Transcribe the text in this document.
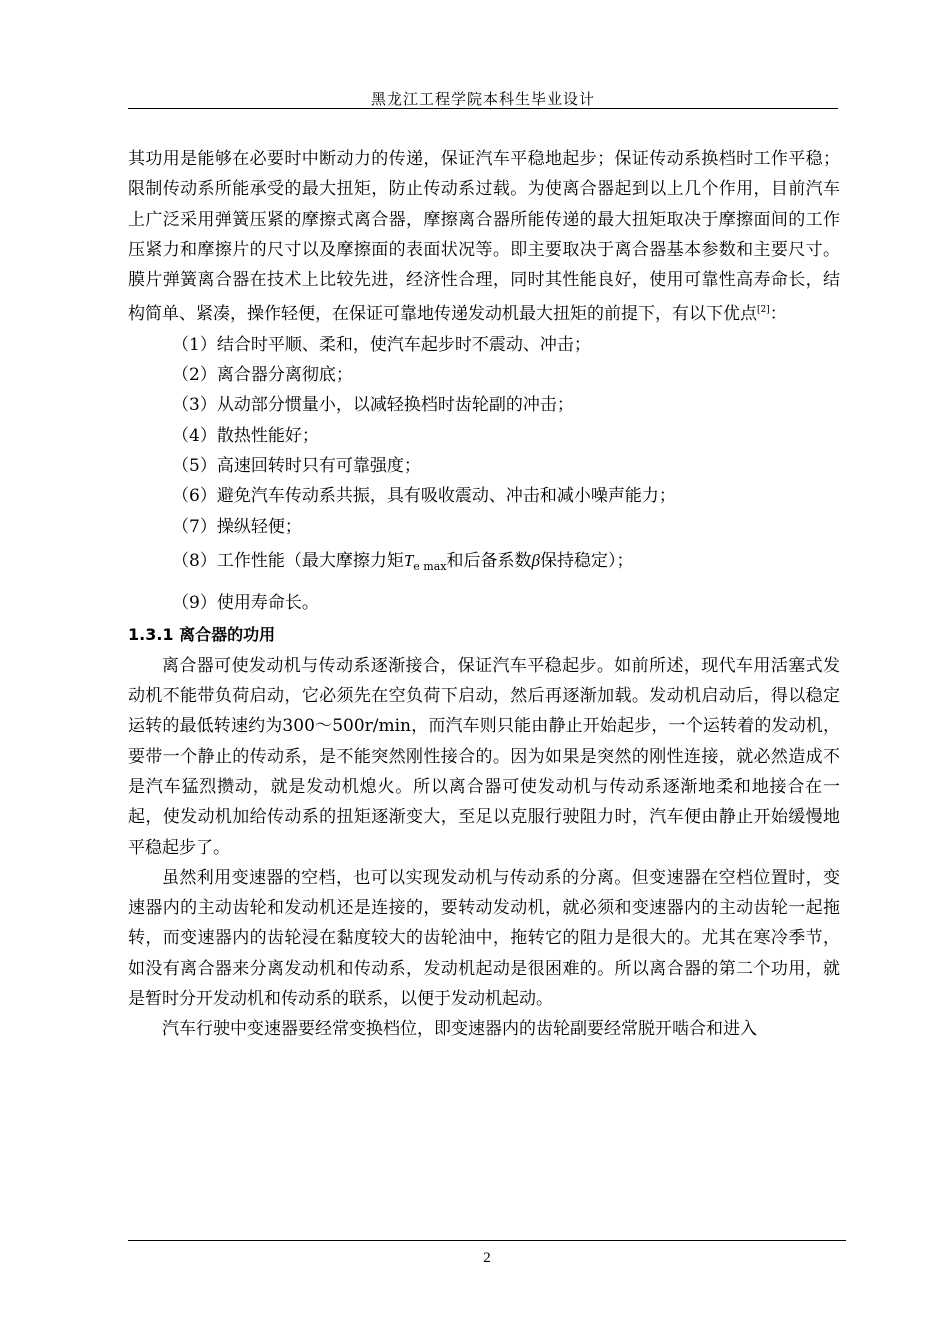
黑龙江工程学院本科生毕业设计

其功用是能够在必要时中断动力的传递，保证汽车平稳地起步；保证传动系换档时工作平稳；限制传动系所能承受的最大扭矩，防止传动系过载。为使离合器起到以上几个作用，目前汽车上广泛采用弹簧压紧的摩擦式离合器，摩擦离合器所能传递的最大扭矩取决于摩擦面间的工作压紧力和摩擦片的尺寸以及摩擦面的表面状况等。即主要取决于离合器基本参数和主要尺寸。膜片弹簧离合器在技术上比较先进，经济性合理，同时其性能良好，使用可靠性高寿命长，结构简单、紧凑，操作轻便，在保证可靠地传递发动机最大扭矩的前提下，有以下优点[2]：

（1）结合时平顺、柔和，使汽车起步时不震动、冲击；

（2）离合器分离彻底；

（3）从动部分惯量小，以减轻换档时齿轮副的冲击；

（4）散热性能好；

（5）高速回转时只有可靠强度；

（6）避免汽车传动系共振，具有吸收震动、冲击和减小噪声能力；

（7）操纵轻便；

（8）工作性能（最大摩擦力矩$T_{e max}$和后备系数β保持稳定）；

（9）使用寿命长。

1.3.1 离合器的功用

离合器可使发动机与传动系逐渐接合，保证汽车平稳起步。如前所述，现代车用活塞式发动机不能带负荷启动，它必须先在空负荷下启动，然后再逐渐加载。发动机启动后，得以稳定运转的最低转速约为300～500r/min，而汽车则只能由静止开始起步，一个运转着的发动机，要带一个静止的传动系，是不能突然刚性接合的。因为如果是突然的刚性连接，就必然造成不是汽车猛烈攒动，就是发动机熄火。所以离合器可使发动机与传动系逐渐地柔和地接合在一起，使发动机加给传动系的扭矩逐渐变大，至足以克服行驶阻力时，汽车便由静止开始缓慢地平稳起步了。

虽然利用变速器的空档，也可以实现发动机与传动系的分离。但变速器在空档位置时，变速器内的主动齿轮和发动机还是连接的，要转动发动机，就必须和变速器内的主动齿轮一起拖转，而变速器内的齿轮浸在黏度较大的齿轮油中，拖转它的阻力是很大的。尤其在寒冷季节，如没有离合器来分离发动机和传动系，发动机起动是很困难的。所以离合器的第二个功用，就是暂时分开发动机和传动系的联系，以便于发动机起动。

汽车行驶中变速器要经常变换档位，即变速器内的齿轮副要经常脱开啮合和进入

2
